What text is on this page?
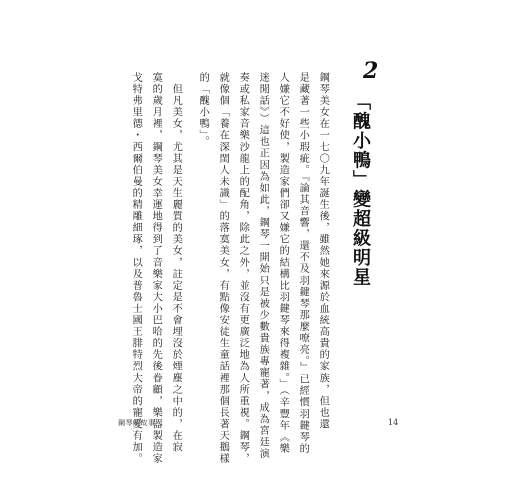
2
「醜小鴨」變超級明星
鋼琴美女在一七〇九年誕生後，雖然她來源於血統高貴的家族，但也還
是藏著一些小瑕疵。『論其音響，還不及羽鍵琴那麼嘹亮。』已經慣羽鍵琴的
人嫌它不好使，製造家們卻又嫌它的結構比羽鍵琴來得複雜。」（辛豐年《樂
迷閒話》）這也正因為如此，鋼琴一開始只是被少數貴族專寵著，成為宮廷演
奏或私家音樂沙龍上的配角，除此之外，並沒有更廣泛地為人所重視。鋼琴，
就像個「養在深閨人未識」的落寞美女，有點像安徒生童話裡那個長著天鵝樣
的「醜小鴨」。
　但凡美女，尤其是天生麗質的美女，註定是不會埋沒於煙塵之中的，在寂
寞的歲月裡，鋼琴美女幸運地得到了音樂家大小巴哈的先後眷顧，樂器製造家
戈特弗里德・西爾伯曼的精雕細琢，以及普魯士國王腓特烈大帝的寵愛有加。
鋼琴的故事	14
